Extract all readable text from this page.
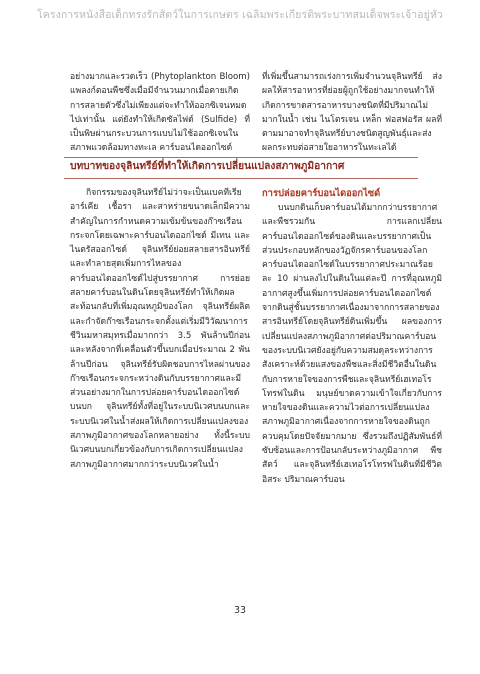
โครงการหนังสือเด็กทรงรักสัตว์ในการเกษตร เฉลิมพระเกียรติพระบาทสมเด็จพระเจ้าอยู่หัว

อย่างมากและรวดเร็ว (Phytoplankton Bloom) แพลงก์ตอนพืชซึ่งเมื่อมีจำนวนมากเมื่อตายเกิดการสลายตัวซึ่งไม่เพียงแต่จะทำให้ออกซิเจนหมดไปเท่านั้น แต่ยังทำให้เกิดซัลไฟด์ (Sulfide) ที่เป็นพิษผ่านกระบวนการแบบไม่ใช้ออกซิเจนในสภาพแวดล้อมทางทะเล คาร์บอนไดออกไซด์

ที่เพิ่มขึ้นสามารถเร่งการเพิ่มจำนวนจุลินทรีย์ ส่งผลให้สารอาหารที่ย่อยผู้ถูกใช้อย่างมากจนทำให้เกิดการขาดสารอาหารบางชนิดที่มีปริมาณไม่มากในน้ำ เช่น ไนโตรเจน เหล็ก ฟอสฟอรัส ผลที่ตามมาอาจทำจุลินทรีย์บางชนิดสูญพันธุ์และส่งผลกระทบต่อสายใยอาหารในทะเลได้

บทบาทของจุลินทรีย์ที่ทำให้เกิดการเปลี่ยนแปลงสภาพภูมิอากาศ

กิจกรรมของจุลินทรีย์ไม่ว่าจะเป็นแบคทีเรีย อาร์เคีย เชื้อรา และสาหร่ายขนาดเล็กมีความสำคัญในการกำหนดความเข้มข้นของก๊าซเรือนกระจกโดยเฉพาะคาร์บอนไดออกไซด์ มีเทน และไนตรัสออกไซด์ จุลินทรีย์ย่อยสลายสารอินทรีย์และทำลายสุดเพิ่มการไหลของคาร์บอนไดออกไซด์ไปสู่บรรยากาศ การย่อยสลายคาร์บอนในดินโดยจุลินทรีย์ทำให้เกิดผลสะท้อนกลับที่เพิ่มอุณหภูมิของโลก จุลินทรีย์ผลิตและกำจัดก๊าซเรือนกระจกตั้งแต่เริ่มมีวิวัฒนาการชีวินมหาสมุทรเมื่อมากกว่า 3.5 พันล้านปีก่อน และหลังจากที่เคลื่อนตัวขึ้นบกเมื่อประมาณ 2 พันล้านปีก่อน จุลินทรีย์รับผิดชอบการไหลผ่านของก๊าซเรือนกระจกระหว่างดินกับบรรยากาศและมีส่วนอย่างมากในการปล่อยคาร์บอนไดออกไซด์บนบก จุลินทรีย์ทั้งที่อยู่ในระบบนิเวศบนบกและระบบนิเวศในน้ำส่งผลให้เกิดการเปลี่ยนแปลงของสภาพภูมิอากาศของโลกหลายอย่าง ทั้งนี้ระบบนิเวศบนบกเกี่ยวข้องกับการเกิดการเปลี่ยนแปลงสภาพภูมิอากาศมากกว่าระบบนิเวศในน้ำ

การปล่อยคาร์บอนไดออกไซด์

บนบกดินเก็บคาร์บอนได้มากกว่าบรรยากาศและพืชรวมกัน การแลกเปลี่ยนคาร์บอนไดออกไซด์ของดินและบรรยากาศเป็นส่วนประกอบหลักของวัฏจักรคาร์บอนของโลก คาร์บอนไดออกไซด์ในบรรยากาศประมาณร้อยละ 10 ผ่านลงไปในดินในแต่ละปี การที่อุณหภูมิอากาศสูงขึ้นเพิ่มการปล่อยคาร์บอนไดออกไซด์จากดินสู่ชั้นบรรยากาศเนื่องมาจากการสลายของสารอินทรีย์โดยจุลินทรีย์ดินเพิ่มขึ้น ผลของการเปลี่ยนแปลงสภาพภูมิอากาศต่อปริมาณคาร์บอนของระบบนิเวศยังอยู่กับความสมดุลระหว่างการสังเคราะห์ด้วยแสงของพืชและสิ่งมีชีวิตอื่นในดินกับการหายใจของการพืชและจุลินทรีย์เฮเทอโรโทรฟในดิน มนุษย์ขาดความเข้าใจเกี่ยวกับการหายใจของดินและความไวต่อการเปลี่ยนแปลงสภาพภูมิอากาศเนื่องจากการหายใจของดินถูกควบคุมโดยปัจจัยมากมาย ซึ่งรวมถึงปฏิสัมพันธ์ที่ซับซ้อนและการป้อนกลับระหว่างภูมิอากาศ พืช สัตว์ และจุลินทรีย์เฮเทอโรโทรฟในดินที่มีชีวิตอิสระ ปริมาณคาร์บอน

33
